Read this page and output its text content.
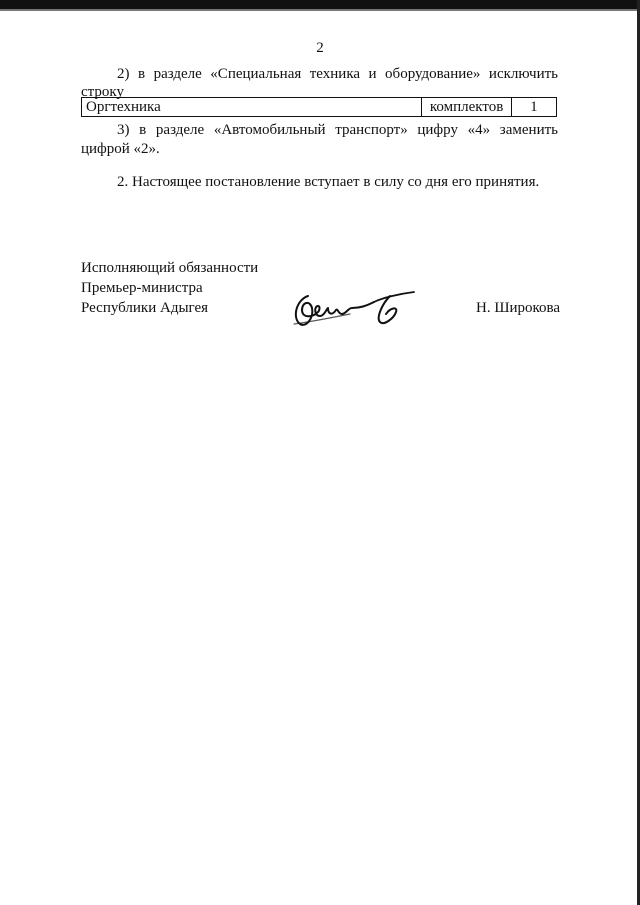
2
2) в разделе «Специальная техника и оборудование» исключить
строку
Оргтехника	комплектов	1
3) в разделе «Автомобильный транспорт» цифру «4» заменить
цифрой «2».
2. Настоящее постановление вступает в силу со дня его принятия.
Исполняющий обязанности
Премьер-министра
Республики Адыгея	Н. Широкова
